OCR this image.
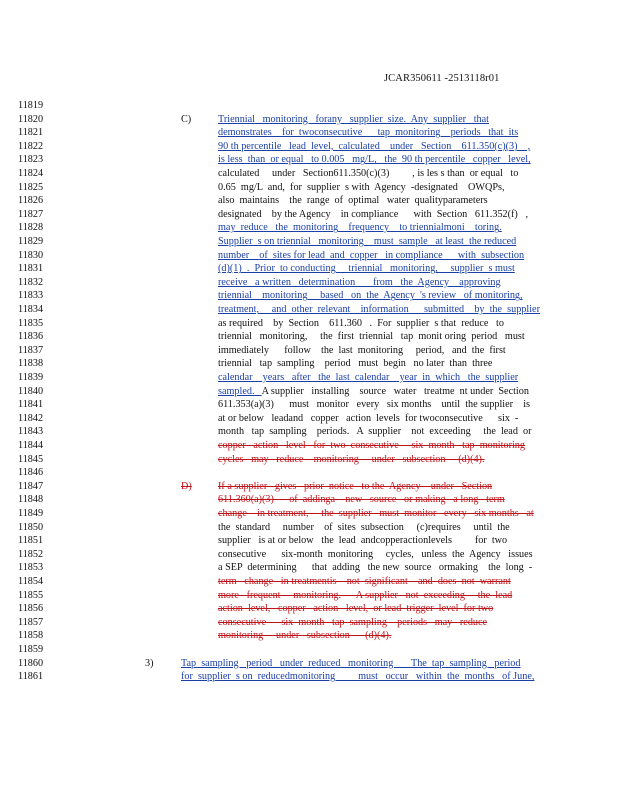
JCAR350611 -2513118r01
11819
11820	C)	Triennial   monitoring   forany   supplier  size.  Any  supplier   that
11821	demonstrates    for  twoconsecutive      tap  monitoring    periods   that  its
11822	90 th percentile   lead  level,  calculated    under   Section    611.350(c)(3)    ,
11823	is less  than  or equal   to 0.005   mg/L,   the  90 th percentile   copper   level,
11824	calculated     under   Section611.350(c)(3)         , is les s than  or equal   to
11825	0.65  mg/L  and,  for  supplier  s with  Agency  -designated    OWQPs,
11826	also  maintains    the  range  of  optimal   water  qualityparameters
11827	designated    by the Agency    in compliance      with  Section   611.352(f)   ,
11828	may  reduce   the  monitoring    frequency    to triennialmoni    toring.
11829	Supplier  s on triennial   monitoring    must  sample   at least  the reduced
11830	number    of  sites for lead  and  copper   in compliance      with  subsection
11831	(d)(1)  .  Prior  to conducting     triennial   monitoring,     supplier  s must
11832	receive   a written   determination       from   the  Agency    approving
11833	triennial    monitoring     based   on  the  Agency  's review   of monitoring,
11834	treatment,     and  other  relevant    information      submitted    by  the  supplier
11835	as required    by  Section    611.360   .  For  supplier  s that  reduce   to
11836	triennial   monitoring,     the  first  triennial   tap  monit oring  period   must
11837	immediately      follow    the  last  monitoring     period,   and  the  first
11838	triennial   tap  sampling    period   must  begin   no later  than  three
11839	calendar    years   after   the  last  calendar    year  in  which   the  supplier
11840	sampled.   A supplier   installing    source   water   treatme  nt under  Section
11841	611.353(a)(3)      must   monitor   every   six months    until  the supplier    is
11842	at or below   leadand   copper   action  levels  for twoconsecutive      six  -
11843	month   tap  sampling    periods.   A  supplier    not  exceeding     the  lead  or
11844	copper   action   level   for  two  consecutive     six  month   tap  monitoring
11845	cycles   may   reduce    monitoring     under   subsection     (d)(4).
11846
11847	D)	If a supplier   gives   prior  notice   to the  Agency    under   Section
11848	611.360(a)(3)      of  addinga    new   source   or making   a long   term
11849	change    in treatment,     the  supplier   must  monitor   every   six months   at
11850	the  standard     number    of  sites  subsection     (c)requires     until  the
11851	supplier   is at or below   the  lead  andcopperactionlevels         for  two
11852	consecutive      six-month  monitoring     cycles,   unless  the  Agency   issues
11853	a SEP  determining      that  adding   the new  source   ormaking    the  long  -
11854	term   change   in treatmentis    not  significant    and  does  not  warrant
11855	more   frequent     monitoring.      A supplier   not  exceeding     the  lead
11856	action  level,   copper   action   level,  or lead  trigger  level  for two
11857	consecutive      six  month   tap  sampling    periods   may   reduce
11858	monitoring     under   subsection      (d)(4).
11859
11860	3)	Tap  sampling   period   under  reduced   monitoring       The  tap  sampling   period
11861	for  supplier  s on  reducedmonitoring         must   occur   within  the  months   of June,
